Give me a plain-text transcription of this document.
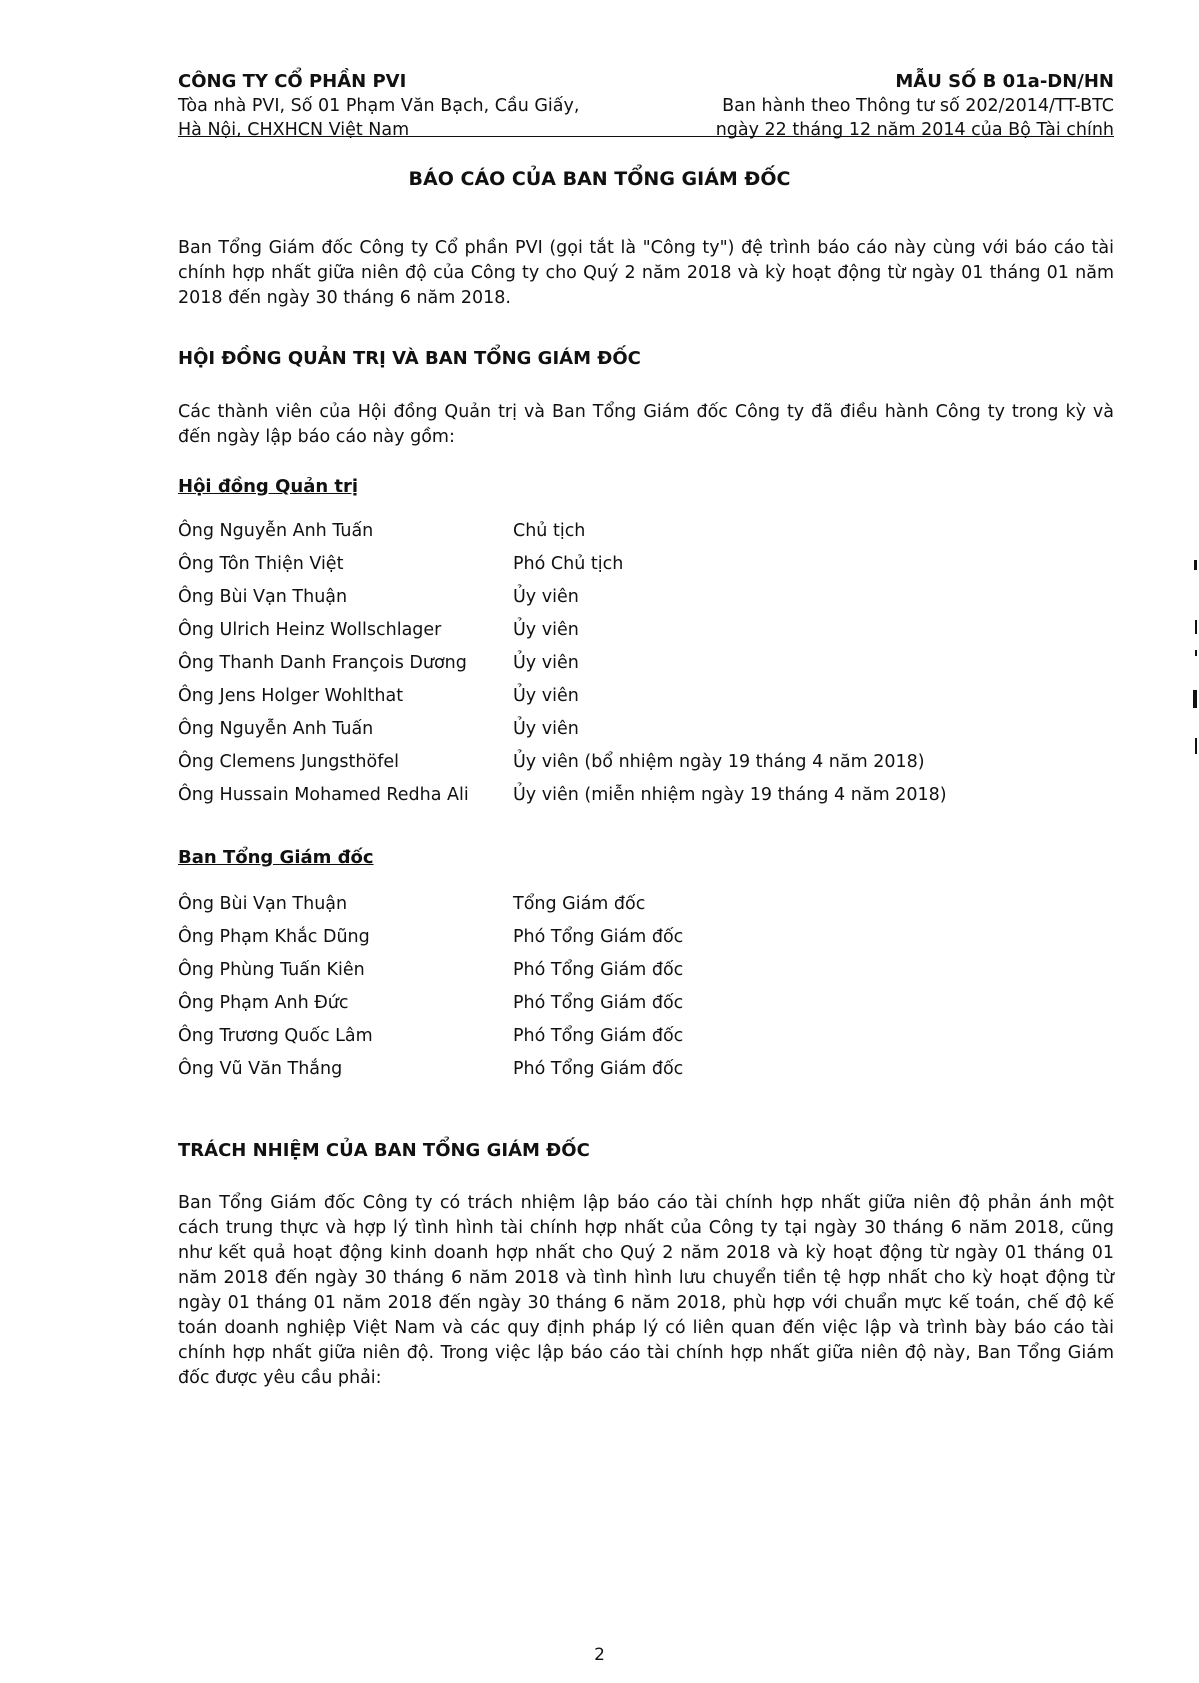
CÔNG TY CỔ PHẦN PVI
Tòa nhà PVI, Số 01 Phạm Văn Bạch, Cầu Giấy,
Hà Nội, CHXHCN Việt Nam
MẪU SỐ B 01a-DN/HN
Ban hành theo Thông tư số 202/2014/TT-BTC
ngày 22 tháng 12 năm 2014 của Bộ Tài chính
BÁO CÁO CỦA BAN TỔNG GIÁM ĐỐC
Ban Tổng Giám đốc Công ty Cổ phần PVI (gọi tắt là "Công ty") đệ trình báo cáo này cùng với báo cáo tài chính hợp nhất giữa niên độ của Công ty cho Quý 2 năm 2018 và kỳ hoạt động từ ngày 01 tháng 01 năm 2018 đến ngày 30 tháng 6 năm 2018.
HỘI ĐỒNG QUẢN TRỊ VÀ BAN TỔNG GIÁM ĐỐC
Các thành viên của Hội đồng Quản trị và Ban Tổng Giám đốc Công ty đã điều hành Công ty trong kỳ và đến ngày lập báo cáo này gồm:
Hội đồng Quản trị
Ông Nguyễn Anh Tuấn	Chủ tịch
Ông Tôn Thiện Việt	Phó Chủ tịch
Ông Bùi Vạn Thuận	Ủy viên
Ông Ulrich Heinz Wollschlager	Ủy viên
Ông Thanh Danh François Dương	Ủy viên
Ông Jens Holger Wohlthat	Ủy viên
Ông Nguyễn Anh Tuấn	Ủy viên
Ông Clemens Jungsthöfel	Ủy viên (bổ nhiệm ngày 19 tháng 4 năm 2018)
Ông Hussain Mohamed Redha Ali	Ủy viên (miễn nhiệm ngày 19 tháng 4 năm 2018)
Ban Tổng Giám đốc
Ông Bùi Vạn Thuận	Tổng Giám đốc
Ông Phạm Khắc Dũng	Phó Tổng Giám đốc
Ông Phùng Tuấn Kiên	Phó Tổng Giám đốc
Ông Phạm Anh Đức	Phó Tổng Giám đốc
Ông Trương Quốc Lâm	Phó Tổng Giám đốc
Ông Vũ Văn Thắng	Phó Tổng Giám đốc
TRÁCH NHIỆM CỦA BAN TỔNG GIÁM ĐỐC
Ban Tổng Giám đốc Công ty có trách nhiệm lập báo cáo tài chính hợp nhất giữa niên độ phản ánh một cách trung thực và hợp lý tình hình tài chính hợp nhất của Công ty tại ngày 30 tháng 6 năm 2018, cũng như kết quả hoạt động kinh doanh hợp nhất cho Quý 2 năm 2018 và kỳ hoạt động từ ngày 01 tháng 01 năm 2018 đến ngày 30 tháng 6 năm 2018 và tình hình lưu chuyển tiền tệ hợp nhất cho kỳ hoạt động từ ngày 01 tháng 01 năm 2018 đến ngày 30 tháng 6 năm 2018, phù hợp với chuẩn mực kế toán, chế độ kế toán doanh nghiệp Việt Nam và các quy định pháp lý có liên quan đến việc lập và trình bày báo cáo tài chính hợp nhất giữa niên độ. Trong việc lập báo cáo tài chính hợp nhất giữa niên độ này, Ban Tổng Giám đốc được yêu cầu phải:
2
